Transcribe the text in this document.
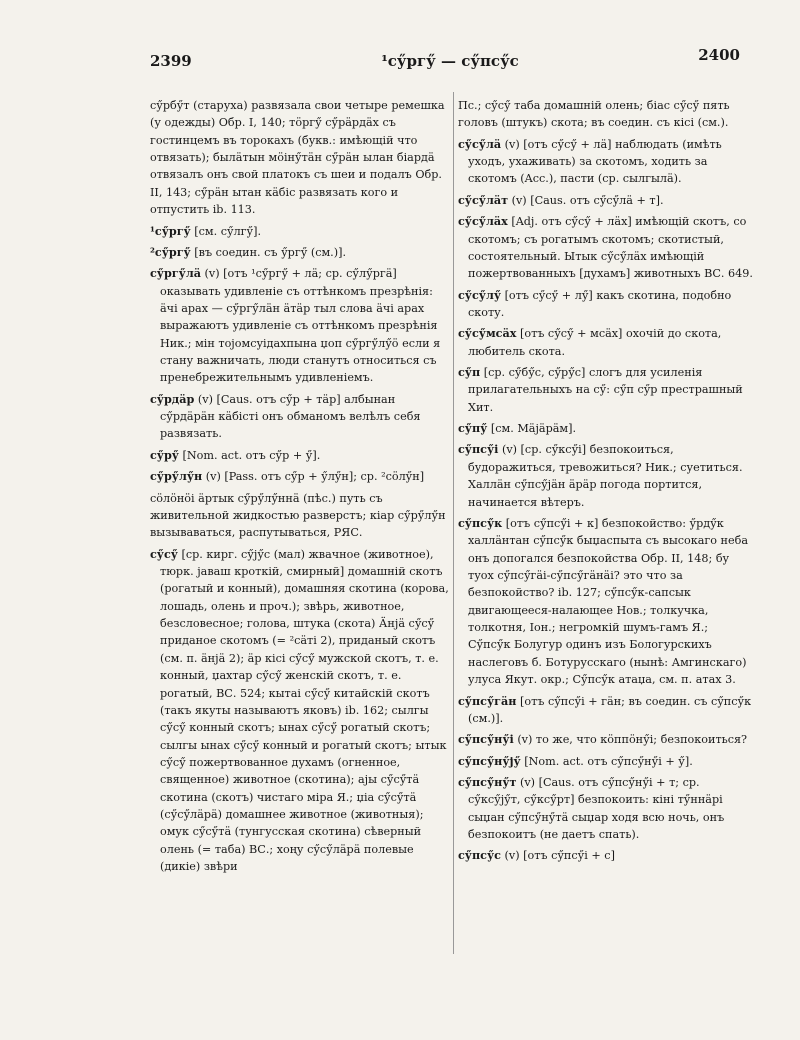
2399	¹сӳргӳ — сӳпсӳс	2400
сӳрбӳт (старуха) развязала свои четыре ремешка (у одежды) Обр. I, 140; тӧргӳ сӳрӓрдӓх съ гостинцемъ въ торокахъ (букв.: имѣющій что отвязать); былӓтын мӧінӳтӓн сӳрӓн ылан бiардӓ отвязалъ онъ свой платокъ съ шеи и подалъ Обр. II, 143; сӳрӓн ытан кӓбiс развязать кого и отпустить ib. 113.
¹сӳргӳ [см. сӳлгӳ].
²сӳргӳ [въ соедин. съ ӳргӳ (см.)].
сӳргӳлӓ (v) [отъ ¹сӳргӳ + лӓ; ср. сӳлӳргӓ] оказывать удивленіе съ оттѣнкомъ презрѣнія: ӓчi арах — сӳргӳлӓн ӓтӓр тыл слова ӓчi арах выражаютъ удивленіе съ оттѣнкомъ презрѣнія Ник.; мiн тојомсуiдахпына џоп сӳргӳлӳӧ если я стану важничать, люди станутъ относиться съ пренебрежительнымъ удивленіемъ.
сӳрдӓр (v) [Caus. отъ сӳр + тӓр] албынан сӳрдӓрӓн кӓбiстi онъ обманомъ велѣлъ себя развязать.
сӳрӳ [Nom. act. отъ сӳр + ӳ].
сӳрӳлӳн (v) [Pass. отъ сӳр + ӳлӳн]; ср. ²сӧлӳн]
сӧлӧнӧi ӓртык сӳрӳлӳннӓ (пѣс.) путь съ живительной жидкостью разверстъ; кiар сӳрӳлӳн вызываваться, распутываться, РЯС.
сӳсӳ [ср. кирг. сӳјӳс (мал) жвачное (животное), тюрк. јаваш кроткій, смирный] домашній скотъ (рогатый и конный), домашняя скотина (корова, лошадь, олень и проч.); звѣрь, животное, безсловесное; голова, штука (скота) Ӓнјӓ сӳсӳ приданое скотомъ (= ²сӓтi 2), приданый скотъ (см. п. ӓнјӓ 2); ӓр кiсi сӳсӳ мужской скотъ, т. е. конный, џахтар сӳсӳ женскій скотъ, т. е. рогатый, ВС. 524; кытаі сӳсӳ китайскій скотъ (такъ якуты называютъ яковъ) ib. 162; сылгы сӳсӳ конный скотъ; ынах сӳсӳ рогатый скотъ; сылгы ынах сӳсӳ конный и рогатый скотъ; ытык сӳсӳ пожертвованное духамъ (огненное, священное) животное (скотина); ајы сӳсӳтӓ скотина (скотъ) чистаго міра Я.; џiа сӳсӳтӓ (сӳсӳлӓрӓ) домашнее животное (животныя); омук сӳсӳтӓ (тунгусская скотина) сѣверный олень (= таба) ВС.; хоңу сӳсӳлӓрӓ полевые (дикіе) звѣри
Пс.; сӳсӳ таба домашній олень; бiас сӳсӳ пять головъ (штукъ) скота; въ соедин. съ кiсi (см.).
сӳсӳлӓ (v) [отъ сӳсӳ + лӓ] наблюдать (имѣть уходъ, ухаживать) за скотомъ, ходить за скотомъ (Acc.), пасти (ср. сылгылӓ).
сӳсӳлӓт (v) [Caus. отъ сӳсӳлӓ + т].
сӳсӳлӓх [Adj. отъ сӳсӳ + лӓх] имѣющій скотъ, со скотомъ; съ рогатымъ скотомъ; скотистый, состоятельный. Ытык сӳсӳлӓх имѣющій пожертвованныхъ [духамъ] животныхъ ВС. 649.
сӳсӳлӳ [отъ сӳсӳ + лӳ] какъ скотина, подобно скоту.
сӳсӳмсӓх [отъ сӳсӳ + мсӓх] охочій до скота, любитель скота.
сӳп [ср. сӳбӳс, сӳрӳс] слогъ для усиленія прилагательныхъ на сӳ: сӳп сӳр престрашный Хит.
сӳпӳ [см. Мӓјӓрӓм].
сӳпсӳi (v) [ср. сӳксӳi] безпокоиться, будоражиться, тревожиться? Ник.; суетиться. Халлӓн сӳпсӳјӓн ӓрӓр погода портится, начинается вѣтеръ.
сӳпсӳк [отъ сӳпсӳi + к] безпокойство: ӳрдӳк халлӓнтан сӳпсӳк быџаспыта съ высокаго неба онъ допогался безпокойства Обр. II, 148; бу туох сӳпсӳгӓi-сӳпсӳгӓнӓі? это что за безпокойство? ib. 127; сӳпсӳк-сапсык двигающееся-налающее Нов.; толкучка, толкотня, Іон.; негромкій шумъ-гамъ Я.; Сӳпсӳк Болугур одинъ изъ Бологурскихъ наслеговъ б. Ботурусскаго (нынѣ: Амгинскаго) улуса Якут. окр.; Сӳпсӳк атаџа, см. п. атах 3.
сӳпсӳгӓн [отъ сӳпсӳi + гӓн; въ соедин. съ сӳпсӳк (см.)].
сӳпсӳнӳi (v) то же, что кӧппӧнӳi; безпокоиться?
сӳпсӳнӳјӳ [Nom. act. отъ сӳпсӳнӳi + ӳ].
сӳпсӳнӳт (v) [Caus. отъ сӳпсӳнӳi + т; ср. сӳксӳјӳт, сӳксӳрт] безпокоить: кiнi тӳннӓрi сыџан сӳпсӳнӳтӓ сыџар ходя всю ночь, онъ безпокоитъ (не даетъ спать).
сӳпсӳс (v) [отъ сӳпсӳi + с]
